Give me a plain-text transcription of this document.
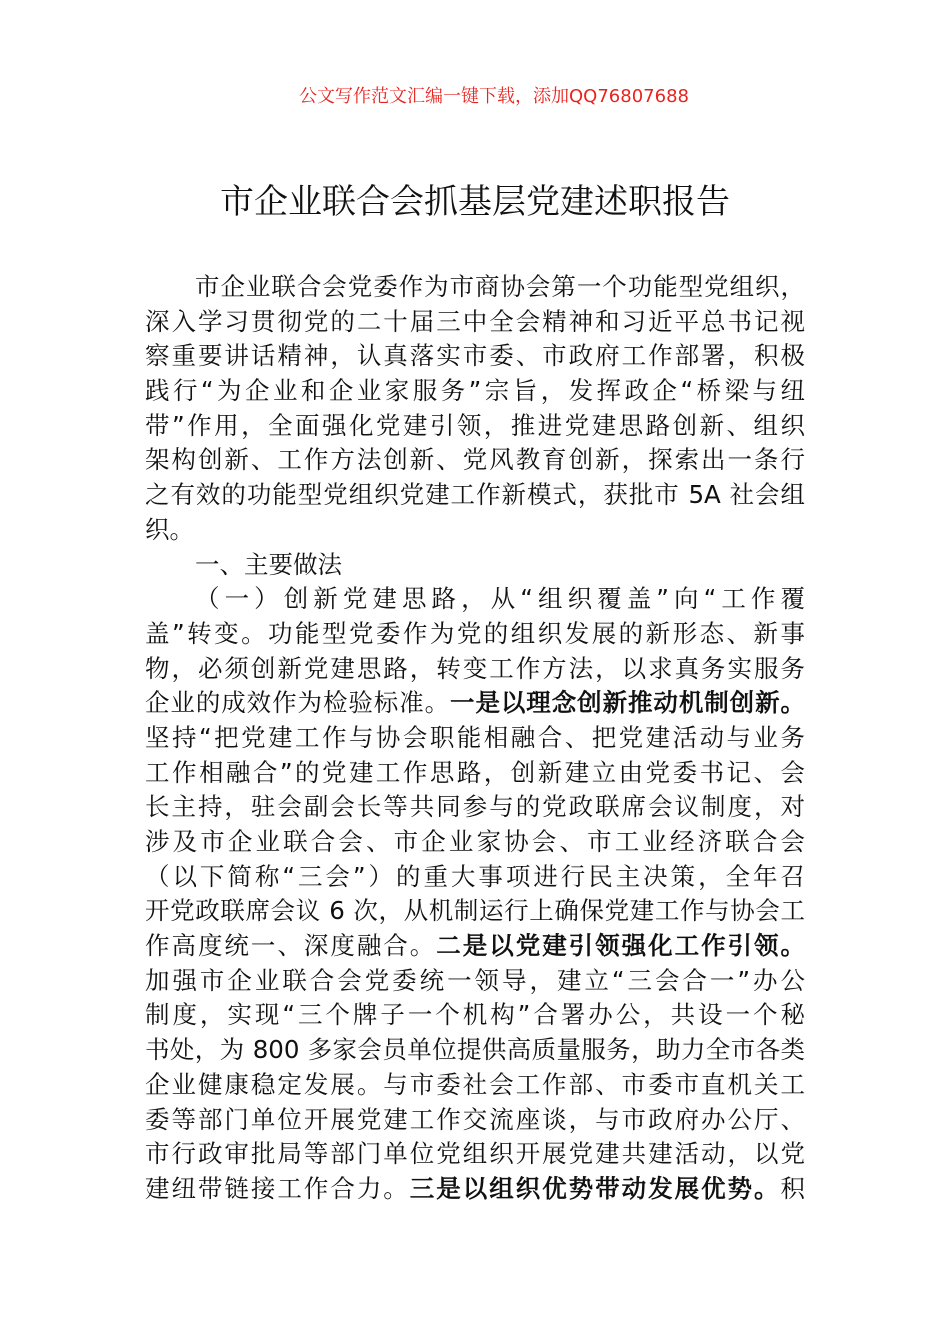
公文写作范文汇编一键下载，添加QQ76807688
市企业联合会抓基层党建述职报告
市企业联合会党委作为市商协会第一个功能型党组织，
深入学习贯彻党的二十届三中全会精神和习近平总书记视
察重要讲话精神，认真落实市委、市政府工作部署，积极
践行“为企业和企业家服务”宗旨，发挥政企“桥梁与纽
带”作用，全面强化党建引领，推进党建思路创新、组织
架构创新、工作方法创新、党风教育创新，探索出一条行
之有效的功能型党组织党建工作新模式，获批市 5A 社会组
织。
一、主要做法
（一）创新党建思路，从“组织覆盖”向“工作覆
盖”转变。功能型党委作为党的组织发展的新形态、新事
物，必须创新党建思路，转变工作方法，以求真务实服务
企业的成效作为检验标准。一是以理念创新推动机制创新。
坚持“把党建工作与协会职能相融合、把党建活动与业务
工作相融合”的党建工作思路，创新建立由党委书记、会
长主持，驻会副会长等共同参与的党政联席会议制度，对
涉及市企业联合会、市企业家协会、市工业经济联合会
（以下简称“三会”）的重大事项进行民主决策，全年召
开党政联席会议 6 次，从机制运行上确保党建工作与协会工
作高度统一、深度融合。二是以党建引领强化工作引领。
加强市企业联合会党委统一领导，建立“三会合一”办公
制度，实现“三个牌子一个机构”合署办公，共设一个秘
书处，为 800 多家会员单位提供高质量服务，助力全市各类
企业健康稳定发展。与市委社会工作部、市委市直机关工
委等部门单位开展党建工作交流座谈，与市政府办公厅、
市行政审批局等部门单位党组织开展党建共建活动，以党
建纽带链接工作合力。三是以组织优势带动发展优势。积
